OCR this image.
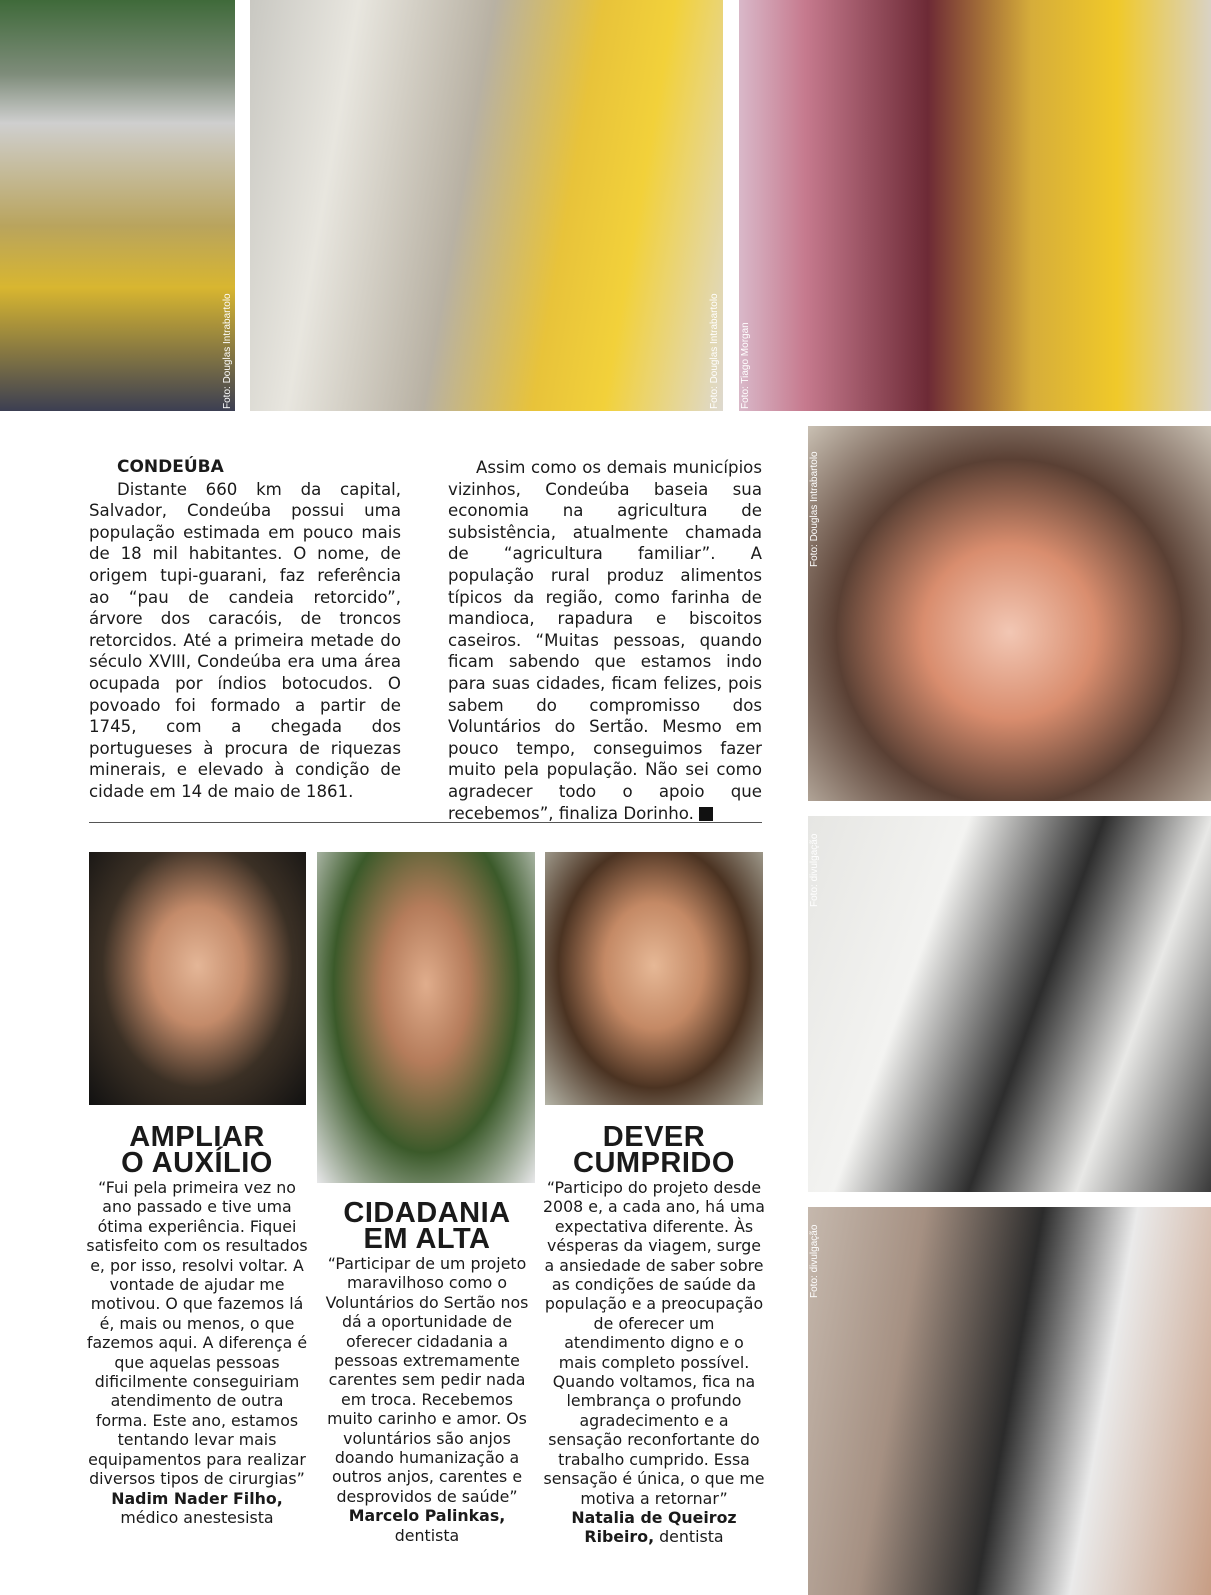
Foto: Douglas Intrabartolo	Foto: Douglas Intrabartolo Foto: Tiago Morgan
Foto: Douglas Intrabartolo
Foto: divulgação
Foto: divulgação
CONDEÚBA

Distante 660 km da capital, Salvador, Condeúba possui uma população estimada em pouco mais de 18 mil habitantes. O nome, de origem tupi-guarani, faz referência ao “pau de candeia retorcido”, árvore dos caracóis, de troncos retorcidos. Até a primeira metade do século XVIII, Condeúba era uma área ocupada por índios botocudos. O povoado foi formado a partir de 1745, com a chegada dos portugueses à procura de riquezas minerais, e elevado à condição de cidade em 14 de maio de 1861.

Assim como os demais municípios vizinhos, Condeúba baseia sua economia na agricultura de subsistência, atualmente chamada de “agricultura familiar”. A população rural produz alimentos típicos da região, como farinha de mandioca, rapadura e biscoitos caseiros. “Muitas pessoas, quando ficam sabendo que estamos indo para suas cidades, ficam felizes, pois sabem do compromisso dos Voluntários do Sertão. Mesmo em pouco tempo, conseguimos fazer muito pela população. Não sei como agradecer todo o apoio que recebemos”, finaliza Dorinho.	r

AMPLIAR
O AUXÍLIO
“Fui pela primeira vez no ano passado e tive uma ótima experiência. Fiquei satisfeito com os resultados e, por isso, resolvi voltar. A vontade de ajudar me motivou. O que fazemos lá é, mais ou menos, o que fazemos aqui. A diferença é que aquelas pessoas dificilmente conseguiriam atendimento de outra forma. Este ano, estamos tentando levar mais equipamentos para realizar diversos tipos de cirurgias”
Nadim Nader Filho,
médico anestesista
CIDADANIA
EM ALTA
“Participar de um projeto maravilhoso como o Voluntários do Sertão nos dá a oportunidade de oferecer cidadania a pessoas extremamente carentes sem pedir nada em troca. Recebemos muito carinho e amor. Os voluntários são anjos doando humanização a outros anjos, carentes e desprovidos de saúde”
Marcelo Palinkas,
dentista
DEVER
CUMPRIDO
“Participo do projeto desde 2008 e, a cada ano, há uma expectativa diferente. Às vésperas da viagem, surge a ansiedade de saber sobre as condições de saúde da população e a preocupação de oferecer um atendimento digno e o mais completo possível. Quando voltamos, fica na lembrança o profundo agradecimento e a sensação reconfortante do trabalho cumprido. Essa sensação é única, o que me motiva a retornar”
Natalia de Queiroz Ribeiro, dentista
